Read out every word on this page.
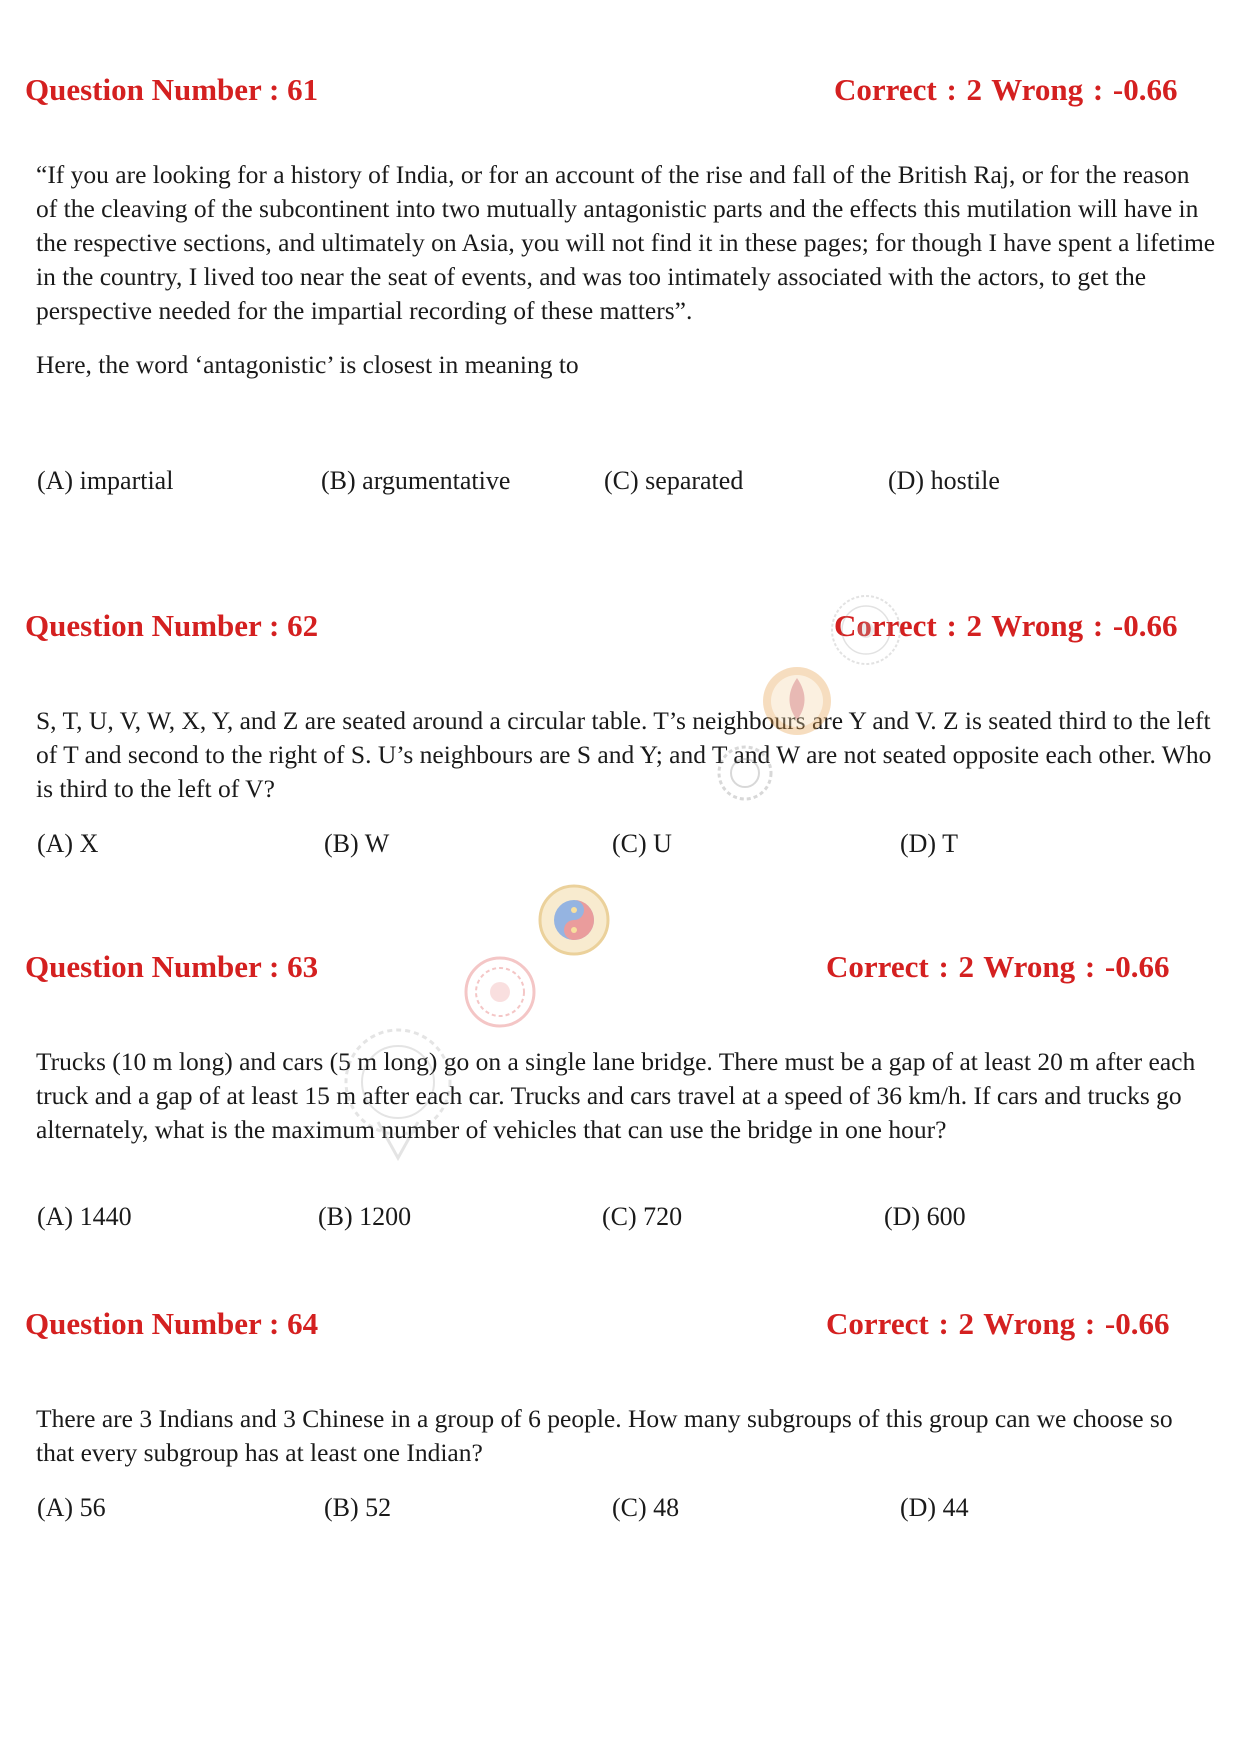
Question Number : 61	Correct : 2 Wrong : -0.66

“If you are looking for a history of India, or for an account of the rise and fall of the British Raj, or for the reason of the cleaving of the subcontinent into two mutually antagonistic parts and the effects this mutilation will have in the respective sections, and ultimately on Asia, you will not find it in these pages; for though I have spent a lifetime in the country, I lived too near the seat of events, and was too intimately associated with the actors, to get the perspective needed for the impartial recording of these matters”.

Here, the word ‘antagonistic’ is closest in meaning to

(A) impartial	(B) argumentative	(C) separated	(D) hostile
Question Number : 62	Correct : 2 Wrong : -0.66

S, T, U, V, W, X, Y, and Z are seated around a circular table. T’s neighbours are Y and V. Z is seated third to the left of T and second to the right of S. U’s neighbours are S and Y; and T and W are not seated opposite each other. Who is third to the left of V?

(A) X	(B) W	(C) U	(D) T
Question Number : 63	Correct : 2 Wrong : -0.66

Trucks (10 m long) and cars (5 m long) go on a single lane bridge. There must be a gap of at least 20 m after each truck and a gap of at least 15 m after each car. Trucks and cars travel at a speed of 36 km/h. If cars and trucks go alternately, what is the maximum number of vehicles that can use the bridge in one hour?

(A) 1440	(B) 1200	(C) 720	(D) 600
Question Number : 64	Correct : 2 Wrong : -0.66

There are 3 Indians and 3 Chinese in a group of 6 people. How many subgroups of this group can we choose so that every subgroup has at least one Indian?

(A) 56	(B) 52	(C) 48	(D) 44
